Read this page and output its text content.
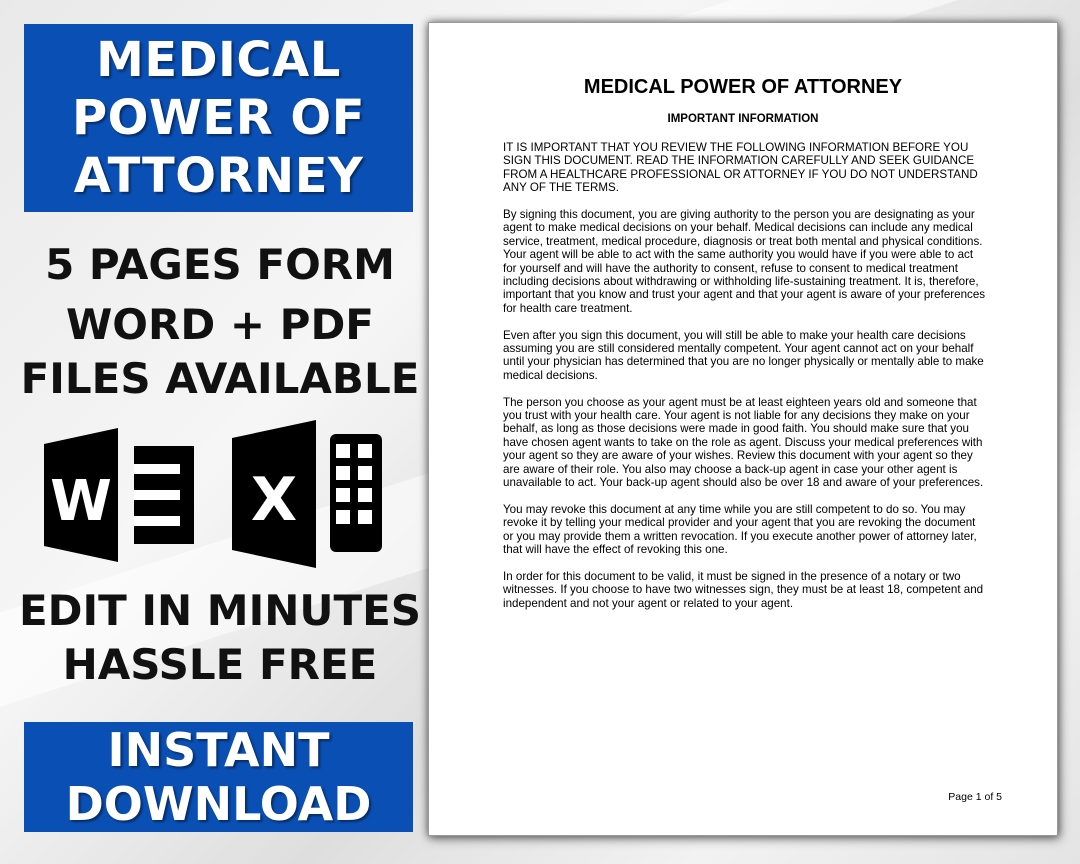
MEDICAL
POWER OF
ATTORNEY
5 PAGES FORM
WORD + PDF
FILES AVAILABLE
W X
EDIT IN MINUTES
HASSLE FREE
INSTANT
DOWNLOAD
MEDICAL POWER OF ATTORNEY
IMPORTANT INFORMATION

IT IS IMPORTANT THAT YOU REVIEW THE FOLLOWING INFORMATION BEFORE YOU SIGN THIS DOCUMENT. READ THE INFORMATION CAREFULLY AND SEEK GUIDANCE FROM A HEALTHCARE PROFESSIONAL OR ATTORNEY IF YOU DO NOT UNDERSTAND ANY OF THE TERMS.

By signing this document, you are giving authority to the person you are designating as your agent to make medical decisions on your behalf. Medical decisions can include any medical service, treatment, medical procedure, diagnosis or treat both mental and physical conditions. Your agent will be able to act with the same authority you would have if you were able to act for yourself and will have the authority to consent, refuse to consent to medical treatment including decisions about withdrawing or withholding life-sustaining treatment. It is, therefore, important that you know and trust your agent and that your agent is aware of your preferences for health care treatment.

Even after you sign this document, you will still be able to make your health care decisions assuming you are still considered mentally competent. Your agent cannot act on your behalf until your physician has determined that you are no longer physically or mentally able to make medical decisions.

The person you choose as your agent must be at least eighteen years old and someone that you trust with your health care. Your agent is not liable for any decisions they make on your behalf, as long as those decisions were made in good faith. You should make sure that you have chosen agent wants to take on the role as agent. Discuss your medical preferences with your agent so they are aware of your wishes. Review this document with your agent so they are aware of their role. You also may choose a back-up agent in case your other agent is unavailable to act. Your back-up agent should also be over 18 and aware of your preferences.

You may revoke this document at any time while you are still competent to do so. You may revoke it by telling your medical provider and your agent that you are revoking the document or you may provide them a written revocation. If you execute another power of attorney later, that will have the effect of revoking this one.

In order for this document to be valid, it must be signed in the presence of a notary or two witnesses. If you choose to have two witnesses sign, they must be at least 18, competent and independent and not your agent or related to your agent.

Page 1 of 5
